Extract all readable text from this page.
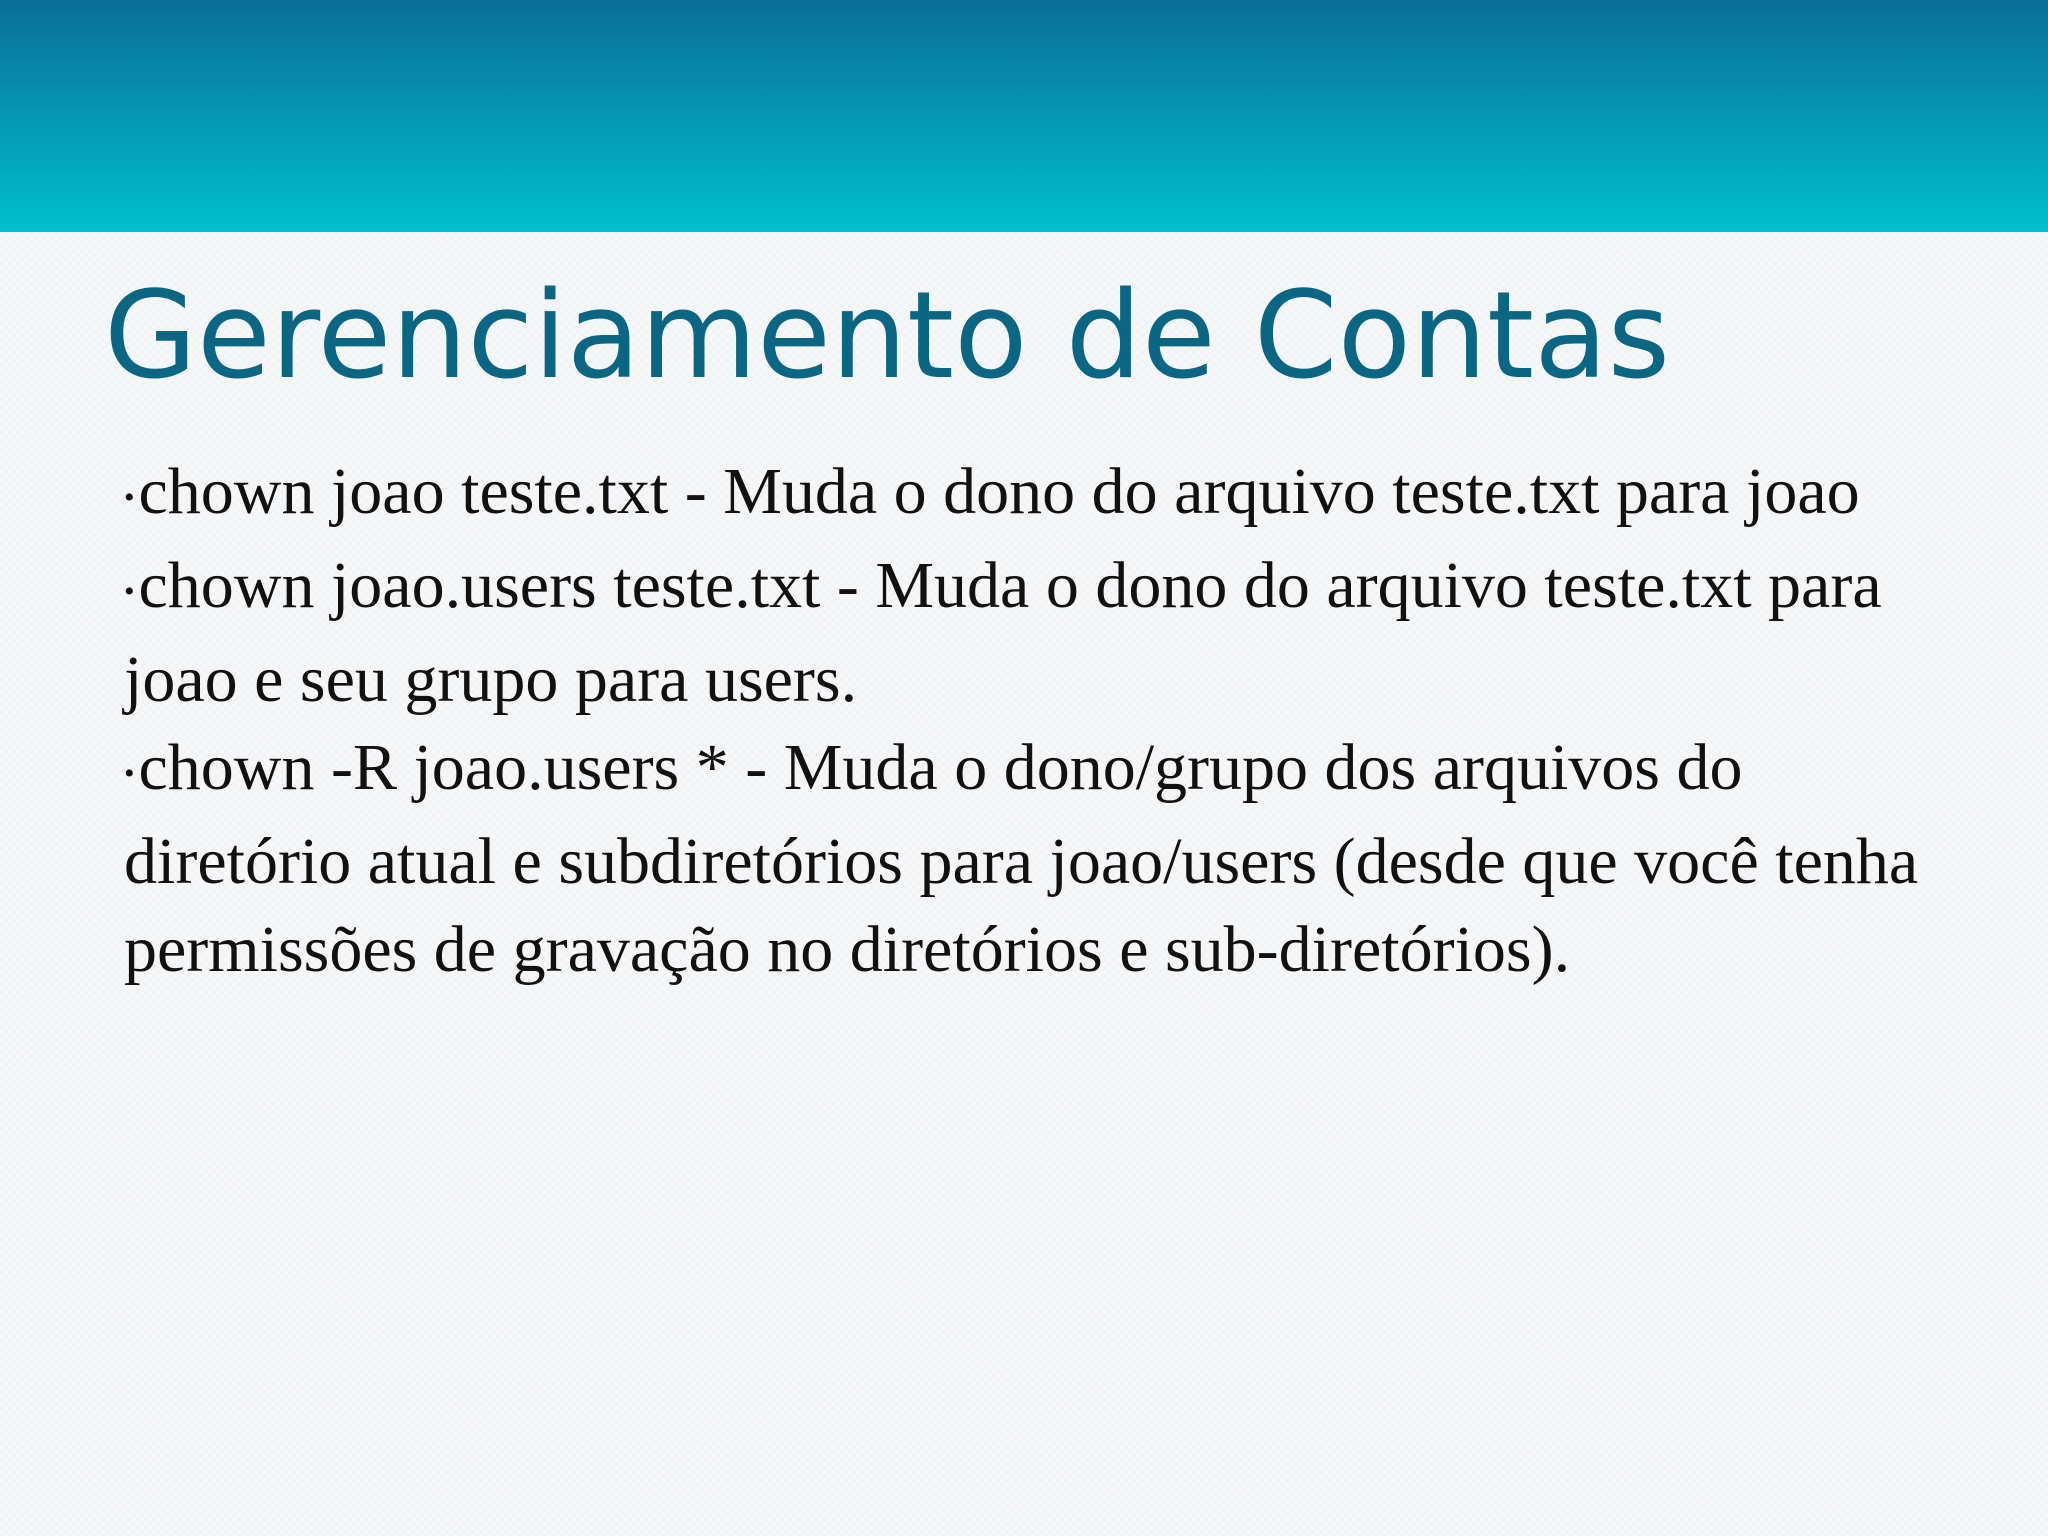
Gerenciamento de Contas
•chown joao teste.txt - Muda o dono do arquivo teste.txt para joao
•chown joao.users teste.txt - Muda o dono do arquivo teste.txt para joao e seu grupo para users.
•chown -R joao.users * - Muda o dono/grupo dos arquivos do diretório atual e subdiretórios para joao/users (desde que você tenha permissões de gravação no diretórios e sub-diretórios).
